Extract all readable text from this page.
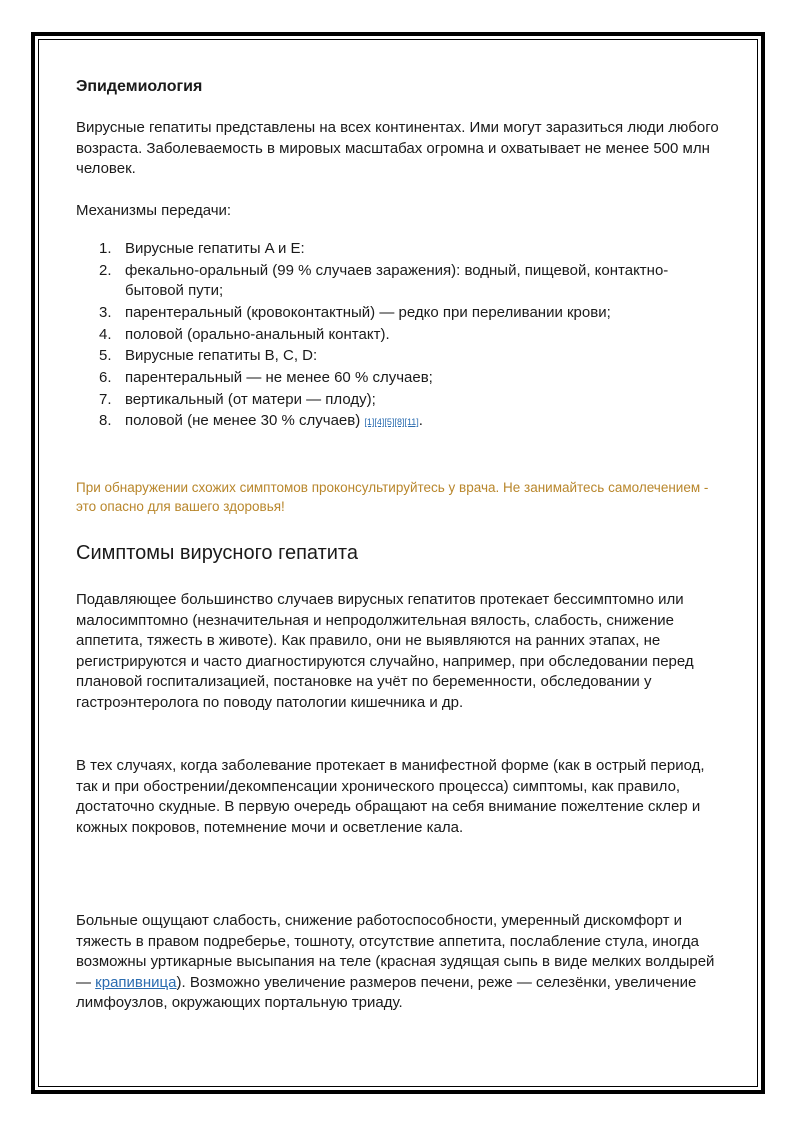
Эпидемиология

Вирусные гепатиты представлены на всех континентах. Ими могут заразиться люди любого возраста. Заболеваемость в мировых масштабах огромна и охватывает не менее 500 млн человек.

Механизмы передачи:

1. Вирусные гепатиты A и E:
2. фекально-оральный (99 % случаев заражения): водный, пищевой, контактно-бытовой пути;
3. парентеральный (кровоконтактный) — редко при переливании крови;
4. половой (орально-анальный контакт).
5. Вирусные гепатиты B, C, D:
6. парентеральный — не менее 60 % случаев;
7. вертикальный (от матери — плоду);
8. половой (не менее 30 % случаев) [1][4][5][8][11].

При обнаружении схожих симптомов проконсультируйтесь у врача. Не занимайтесь самолечением - это опасно для вашего здоровья!

Симптомы вирусного гепатита

Подавляющее большинство случаев вирусных гепатитов протекает бессимптомно или малосимптомно (незначительная и непродолжительная вялость, слабость, снижение аппетита, тяжесть в животе). Как правило, они не выявляются на ранних этапах, не регистрируются и часто диагностируются случайно, например, при обследовании перед плановой госпитализацией, постановке на учёт по беременности, обследовании у гастроэнтеролога по поводу патологии кишечника и др.

В тех случаях, когда заболевание протекает в манифестной форме (как в острый период, так и при обострении/декомпенсации хронического процесса) симптомы, как правило, достаточно скудные. В первую очередь обращают на себя внимание пожелтение склер и кожных покровов, потемнение мочи и осветление кала.

Больные ощущают слабость, снижение работоспособности, умеренный дискомфорт и тяжесть в правом подреберье, тошноту, отсутствие аппетита, послабление стула, иногда возможны уртикарные высыпания на теле (красная зудящая сыпь в виде мелких волдырей — крапивница). Возможно увеличение размеров печени, реже — селезёнки, увеличение лимфоузлов, окружающих портальную триаду.
